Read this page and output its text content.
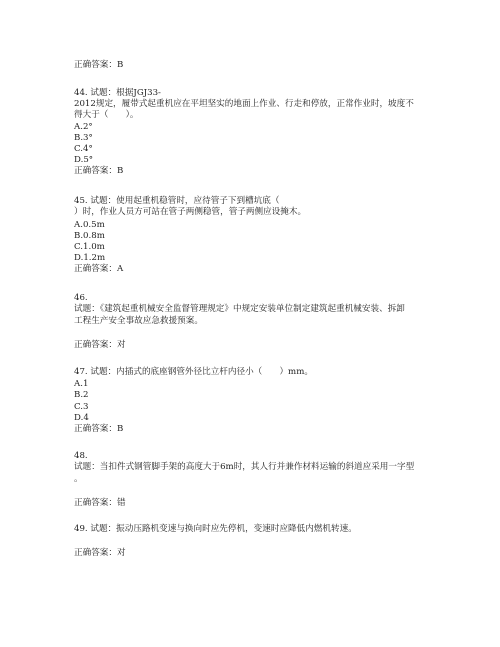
正确答案：B
44. 试题：根据JGJ33-
2012规定，履带式起重机应在平坦坚实的地面上作业、行走和停放，正常作业时，坡度不
得大于（　　）。
A.2°
B.3°
C.4°
D.5°
正确答案：B
45. 试题：使用起重机稳管时，应待管子下到槽坑底（
）时，作业人员方可站在管子两侧稳管，管子两侧应设掩木。
A.0.5m
B.0.8m
C.1.0m
D.1.2m
正确答案：A
46.
试题：《建筑起重机械安全监督管理规定》中规定安装单位制定建筑起重机械安装、拆卸
工程生产安全事故应急救援预案。
正确答案：对
47. 试题：内插式的底座钢管外径比立杆内径小（　　）mm。
A.1
B.2
C.3
D.4
正确答案：B
48.
试题：当扣件式钢管脚手架的高度大于6m时，其人行并兼作材料运输的斜道应采用一字型
。
正确答案：错
49. 试题：振动压路机变速与换向时应先停机，变速时应降低内燃机转速。
正确答案：对
